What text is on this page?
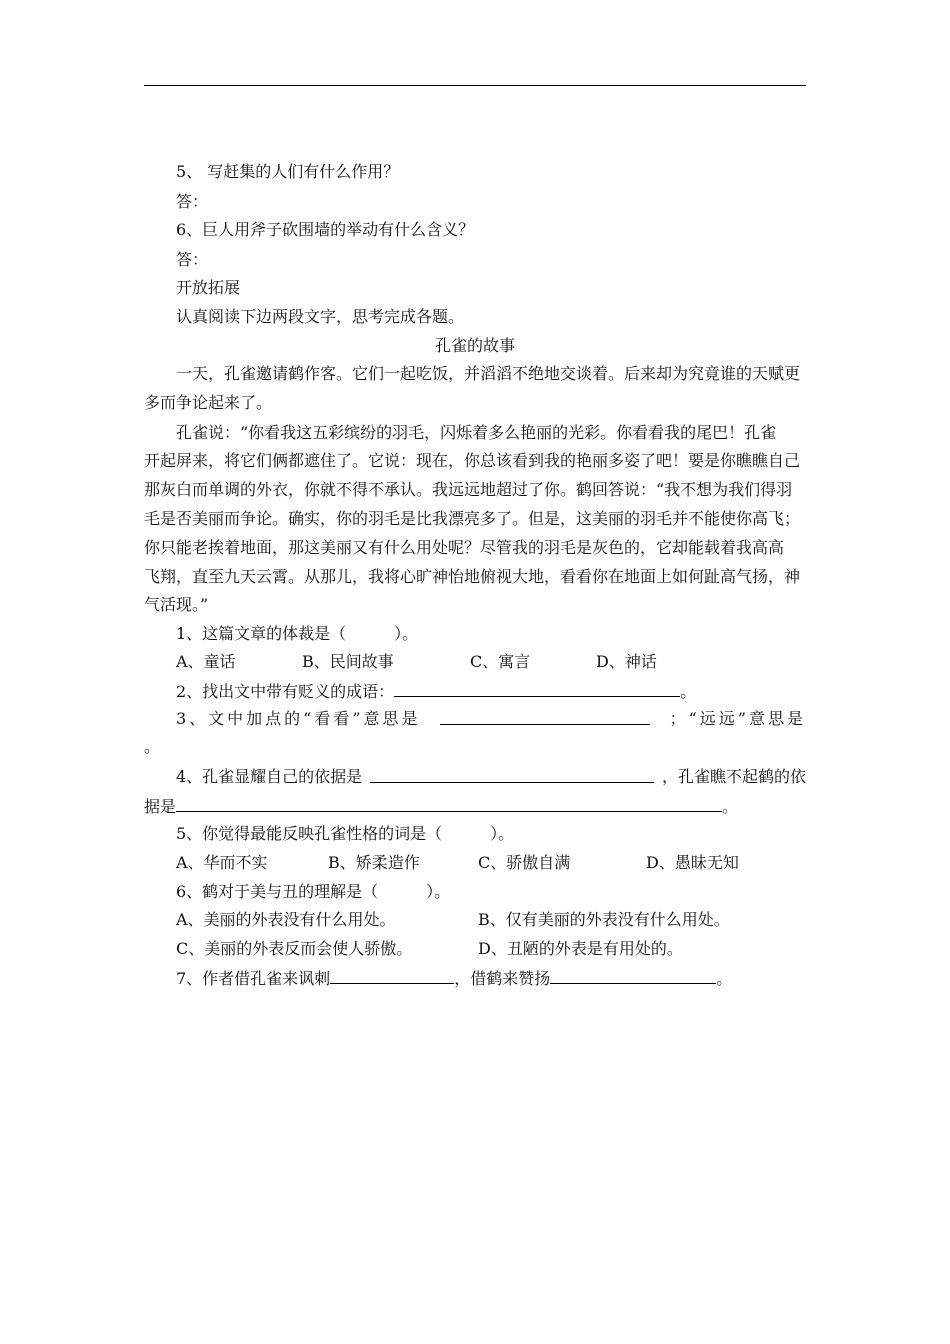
5、 写赶集的人们有什么作用？
答：
6、巨人用斧子砍围墙的举动有什么含义？
答：
开放拓展
认真阅读下边两段文字，思考完成各题。
孔雀的故事
一天，孔雀邀请鹤作客。它们一起吃饭，并滔滔不绝地交谈着。后来却为究竟谁的天赋更
多而争论起来了。
孔雀说：“你看我这五彩缤纷的羽毛，闪烁着多么艳丽的光彩。你看看我的尾巴！孔雀
开起屏来，将它们俩都遮住了。它说：现在，你总该看到我的艳丽多姿了吧！要是你瞧瞧自己
那灰白而单调的外衣，你就不得不承认。我远远地超过了你。鹤回答说：“我不想为我们得羽
毛是否美丽而争论。确实，你的羽毛是比我漂亮多了。但是，这美丽的羽毛并不能使你高飞；
你只能老挨着地面，那这美丽又有什么用处呢？尽管我的羽毛是灰色的，它却能载着我高高
飞翔，直至九天云霄。从那儿，我将心旷神怡地俯视大地，看看你在地面上如何趾高气扬，神
气活现。”
1、这篇文章的体裁是（　　　）。
A、童话	B、民间故事	C、寓言	D、神话
2、找出文中带有贬义的成语：	。
3、文中加点的“看看”意思是	；“远远”意思是
。
4、孔雀显耀自己的依据是	，孔雀瞧不起鹤的依
据是	。
5、你觉得最能反映孔雀性格的词是（　　　）。
A、华而不实	B、矫柔造作	C、骄傲自满	D、愚昧无知
6、鹤对于美与丑的理解是（　　　）。
A、美丽的外表没有什么用处。	B、仅有美丽的外表没有什么用处。
C、美丽的外表反而会使人骄傲。	D、丑陋的外表是有用处的。
7、作者借孔雀来讽刺	，借鹤来赞扬	。
